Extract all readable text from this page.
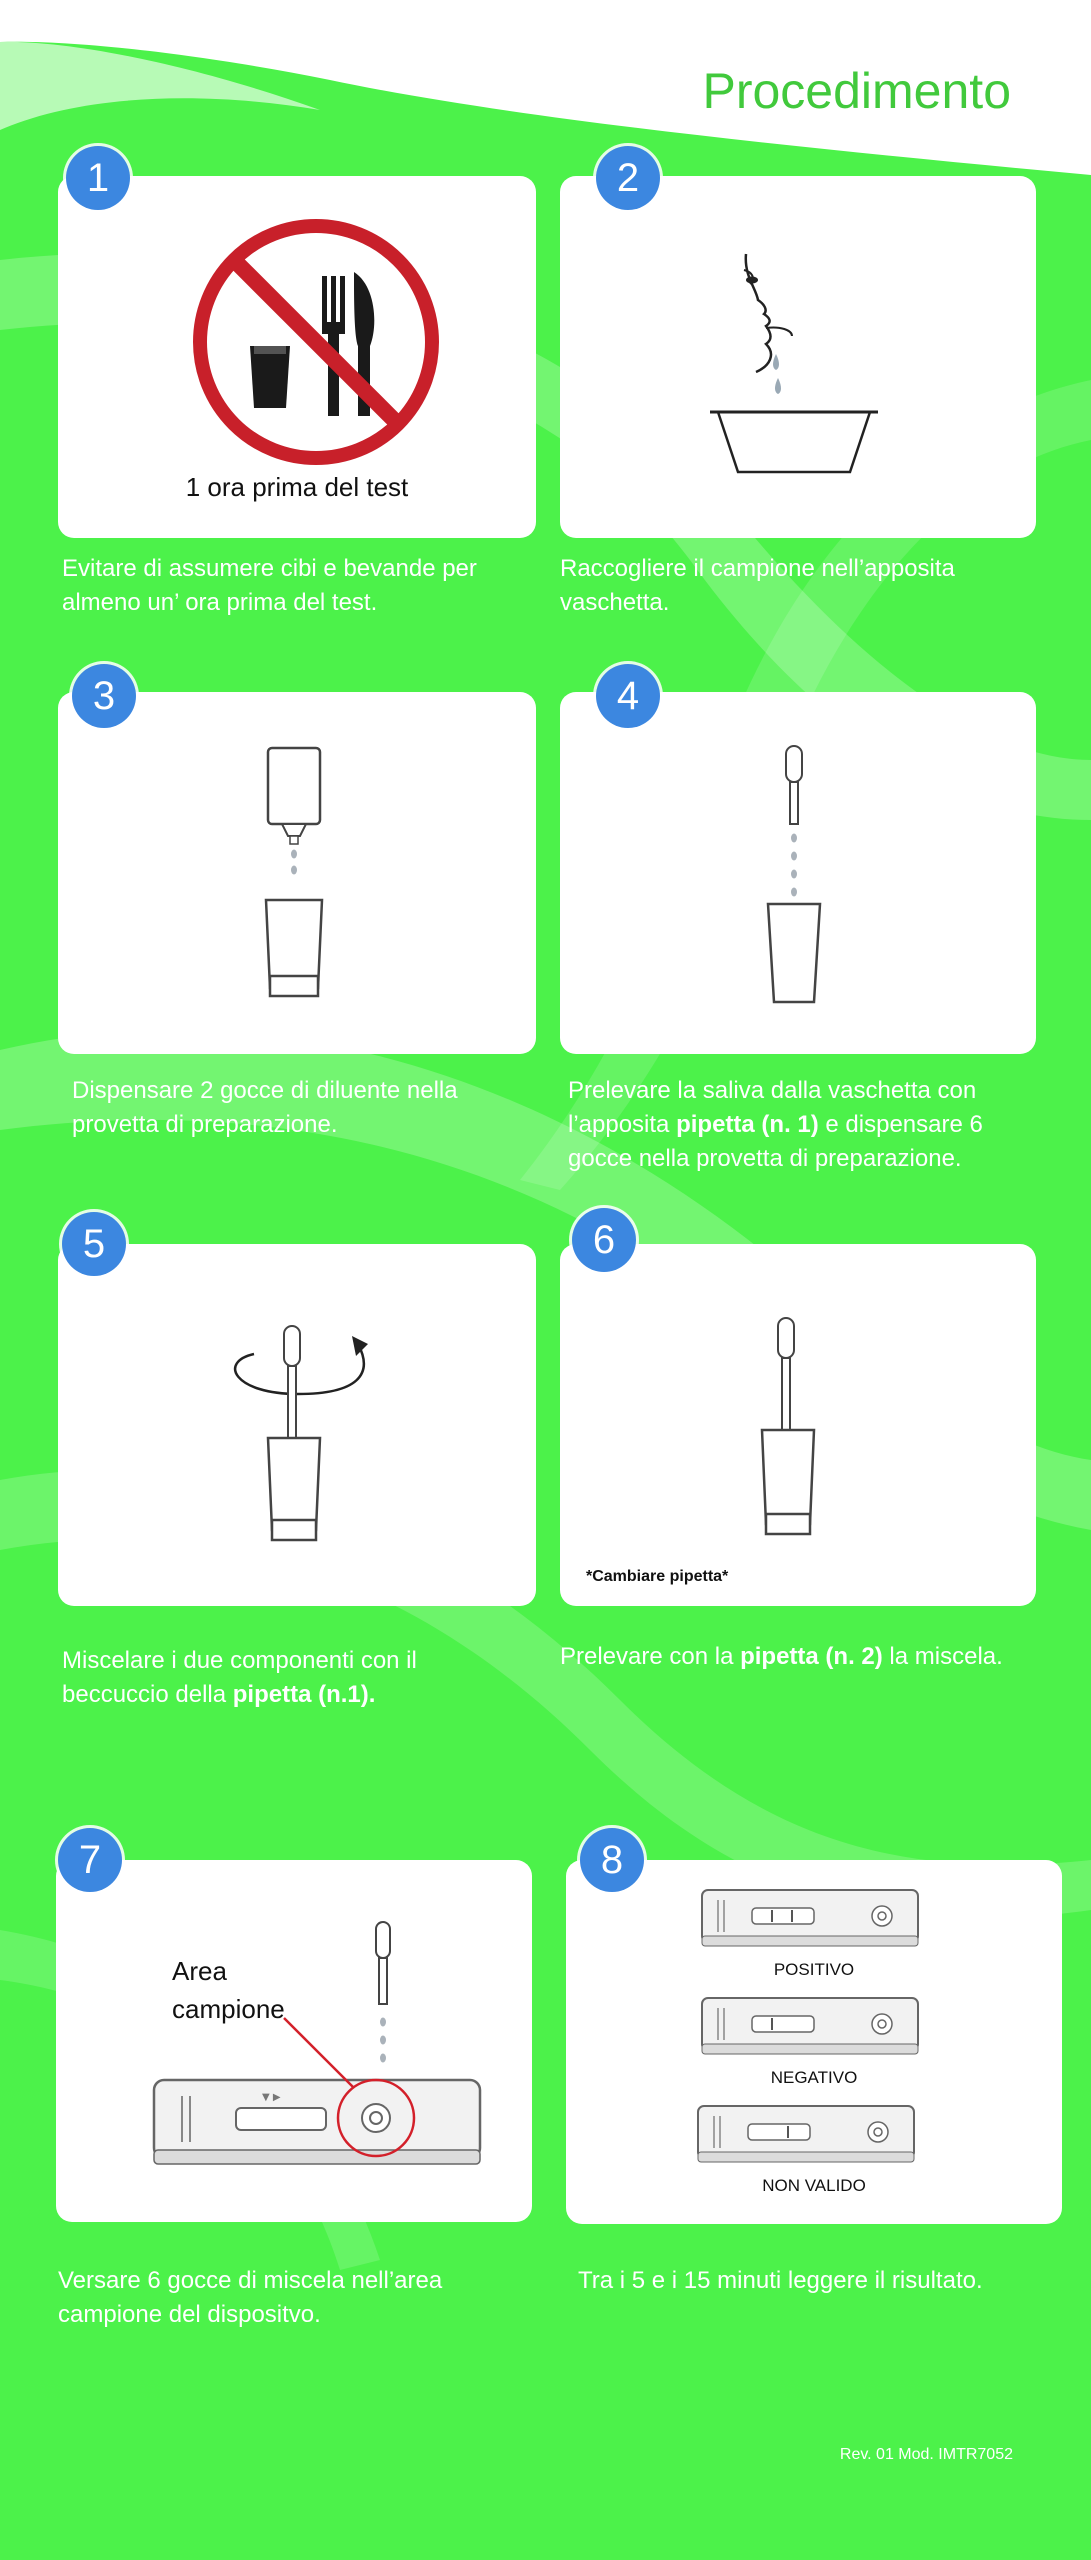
Procedimento
1 ora prima del test
1

Evitare di assumere cibi e bevande per almeno un’ ora prima del test.

2

Raccogliere il campione nell’apposita vaschetta.

3

Dispensare 2 gocce di diluente nella provetta di preparazione.

4

Prelevare la saliva dalla vaschetta con l’apposita pipetta (n. 1) e dispensare 6 gocce nella provetta di preparazione.

5

Miscelare i due componenti con il beccuccio della pipetta (n.1).

*Cambiare pipetta*
6

Prelevare con la pipetta (n. 2) la miscela.

▼ ▶
Area
campione
7

Versare 6 gocce di miscela nell’area campione del dispositvo.

POSITIVO
NEGATIVO
NON VALIDO
8

Tra i 5 e i 15 minuti leggere il risultato.

Rev. 01 Mod. IMTR7052
